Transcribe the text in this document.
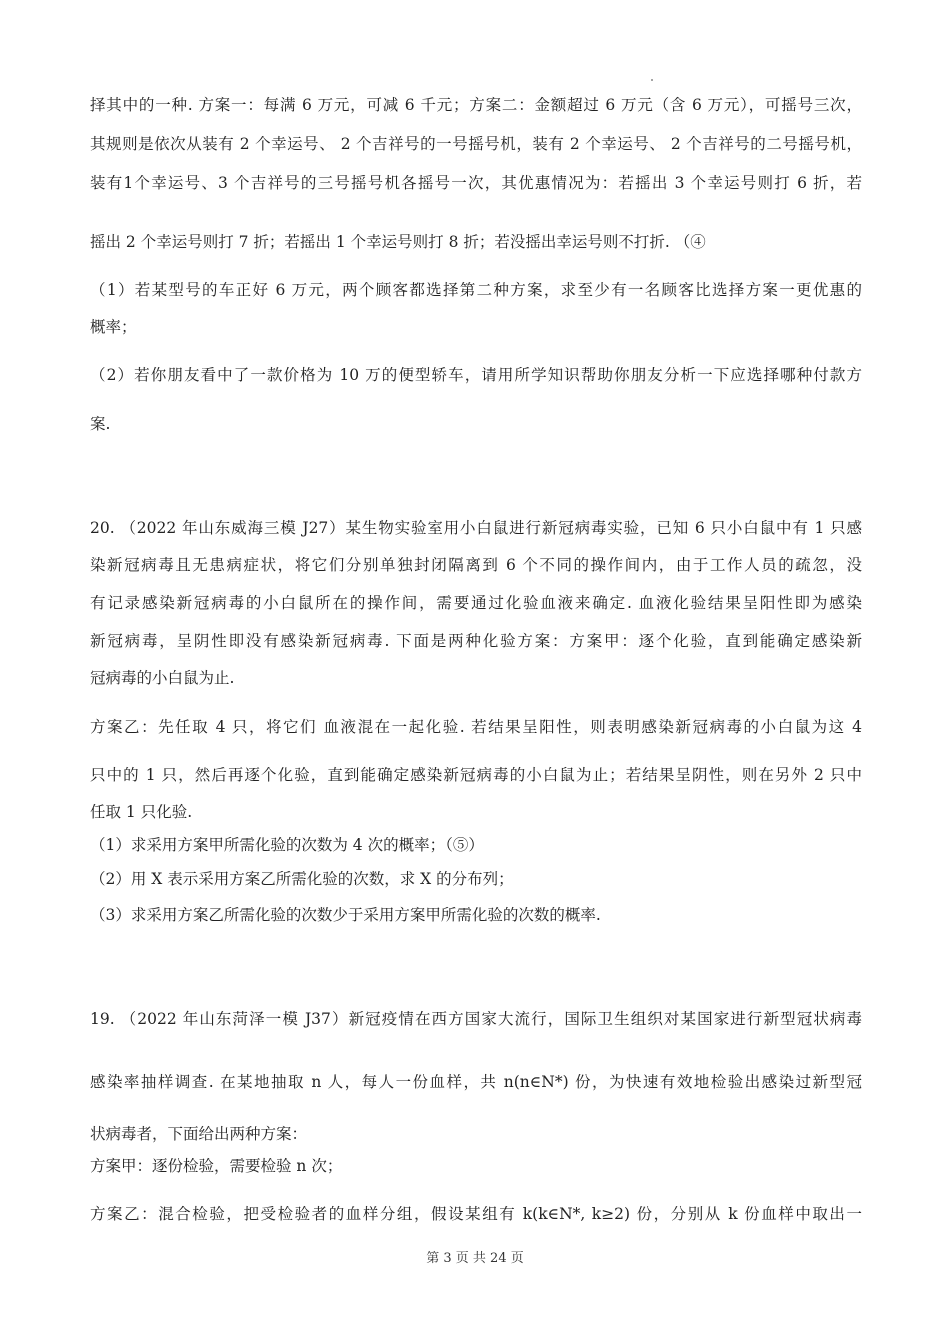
择其中的一种. 方案一：每满 6 万元，可减 6 千元；方案二：金额超过 6 万元（含 6 万元），可摇号三次，
其规则是依次从装有 2 个幸运号、 2 个吉祥号的一号摇号机，装有 2 个幸运号、 2 个吉祥号的二号摇号机，
装有1个幸运号、3 个吉祥号的三号摇号机各摇号一次，其优惠情况为：若摇出 3 个幸运号则打 6 折，若
摇出 2 个幸运号则打 7 折；若摇出 1 个幸运号则打 8 折；若没摇出幸运号则不打折. （④
（1）若某型号的车正好 6 万元，两个顾客都选择第二种方案，求至少有一名顾客比选择方案一更优惠的
概率；
（2）若你朋友看中了一款价格为 10 万的便型轿车，请用所学知识帮助你朋友分析一下应选择哪种付款方
案.
20. （2022 年山东威海三模 J27）某生物实验室用小白鼠进行新冠病毒实验，已知 6 只小白鼠中有 1 只感
染新冠病毒且无患病症状，将它们分别单独封闭隔离到 6 个不同的操作间内，由于工作人员的疏忽，没
有记录感染新冠病毒的小白鼠所在的操作间，需要通过化验血液来确定. 血液化验结果呈阳性即为感染
新冠病毒，呈阴性即没有感染新冠病毒. 下面是两种化验方案：方案甲：逐个化验，直到能确定感染新
冠病毒的小白鼠为止.
方案乙：先任取 4 只，将它们 血液混在一起化验. 若结果呈阳性，则表明感染新冠病毒的小白鼠为这 4
只中的 1 只，然后再逐个化验，直到能确定感染新冠病毒的小白鼠为止；若结果呈阴性，则在另外 2 只中
任取 1 只化验.
（1）求采用方案甲所需化验的次数为 4 次的概率；（⑤）
（2）用 X 表示采用方案乙所需化验的次数，求 X 的分布列；
（3）求采用方案乙所需化验的次数少于采用方案甲所需化验的次数的概率.
19. （2022 年山东菏泽一模 J37）新冠疫情在西方国家大流行，国际卫生组织对某国家进行新型冠状病毒
感染率抽样调查. 在某地抽取 n 人，每人一份血样，共 n(n∈N*) 份，为快速有效地检验出感染过新型冠
状病毒者，下面给出两种方案：
方案甲：逐份检验，需要检验 n 次；
方案乙：混合检验，把受检验者的血样分组，假设某组有 k(k∈N*, k≥2) 份，分别从 k 份血样中取出一
第 3 页 共 24 页
